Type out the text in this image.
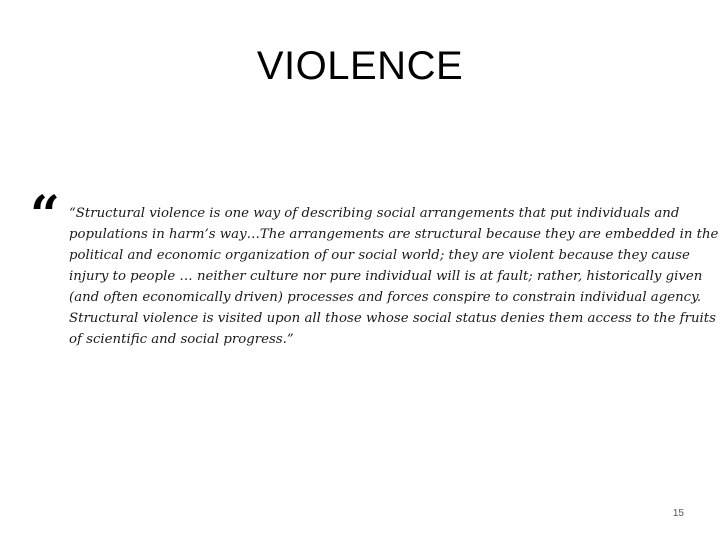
VIOLENCE
“ “Structural violence is one way of describing social arrangements that put individuals and
populations in harm’s way…The arrangements are structural because they are embedded in the
political and economic organization of our social world; they are violent because they cause
injury to people … neither culture nor pure individual will is at fault; rather, historically given
(and often economically driven) processes and forces conspire to constrain individual agency.
Structural violence is visited upon all those whose social status denies them access to the fruits
of scientific and social progress.”
15
